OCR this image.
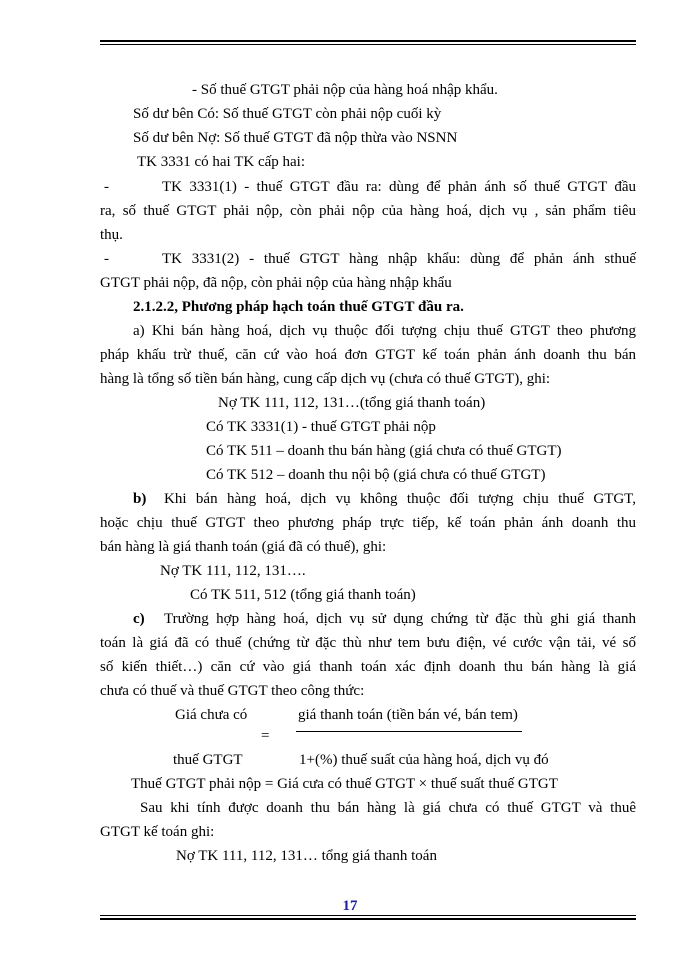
- Số thuế GTGT phải nộp của hàng hoá nhập khẩu.
Số dư bên Có: Số thuế GTGT còn phải nộp cuối kỳ
Số dư bên Nợ: Số thuế GTGT đã nộp thừa vào NSNN
TK 3331 có hai TK cấp hai:
-	TK 3331(1) - thuế GTGT đầu ra: dùng để phản ánh số thuế GTGT đầu
ra, số thuế GTGT phải nộp, còn phải nộp của hàng hoá, dịch vụ , sản phẩm tiêu
thụ.
-	TK 3331(2) - thuế GTGT hàng nhập khẩu: dùng để phản ánh sthuế
GTGT phải nộp, đã nộp, còn phải nộp của hàng nhập khẩu
2.1.2.2, Phương pháp hạch toán thuế GTGT đầu ra.
a) Khi bán hàng hoá, dịch vụ thuộc đối tượng chịu thuế GTGT theo phương
pháp khấu trừ thuế, căn cứ vào hoá đơn GTGT kế toán phản ánh doanh thu bán
hàng là tổng số tiền bán hàng, cung cấp dịch vụ (chưa có thuế GTGT), ghi:
Nợ TK 111, 112, 131…(tổng giá thanh toán)
Có TK 3331(1) - thuế GTGT phải nộp
Có TK 511 – doanh thu bán hàng (giá chưa có thuế GTGT)
Có TK 512 – doanh thu nội bộ (giá chưa có thuế GTGT)
b) Khi bán hàng hoá, dịch vụ không thuộc đối tượng chịu thuế GTGT,
hoặc chịu thuế GTGT theo phương pháp trực tiếp, kế toán phản ánh doanh thu
bán hàng là giá thanh toán (giá đã có thuế), ghi:
Nợ TK 111, 112, 131….
Có TK 511, 512 (tổng giá thanh toán)
c) Trường hợp hàng hoá, dịch vụ sử dụng chứng từ đặc thù ghi giá thanh
toán là giá đã có thuế (chứng từ đặc thù như tem bưu điện, vé cước vận tải, vé số
số kiến thiết…) căn cứ vào giá thanh toán xác định doanh thu bán hàng là giá
chưa có thuế và thuế GTGT theo công thức:
Giá chưa có	giá thanh toán (tiền bán vé, bán tem)
=
thuế GTGT	1+(%) thuế suất của hàng hoá, dịch vụ đó
Thuế GTGT phải nộp = Giá cưa có thuế GTGT × thuế suất thuế GTGT
Sau khi tính được doanh thu bán hàng là giá chưa có thuế GTGT và thuê
GTGT kế toán ghi:
Nợ TK 111, 112, 131… tổng giá thanh toán
17
